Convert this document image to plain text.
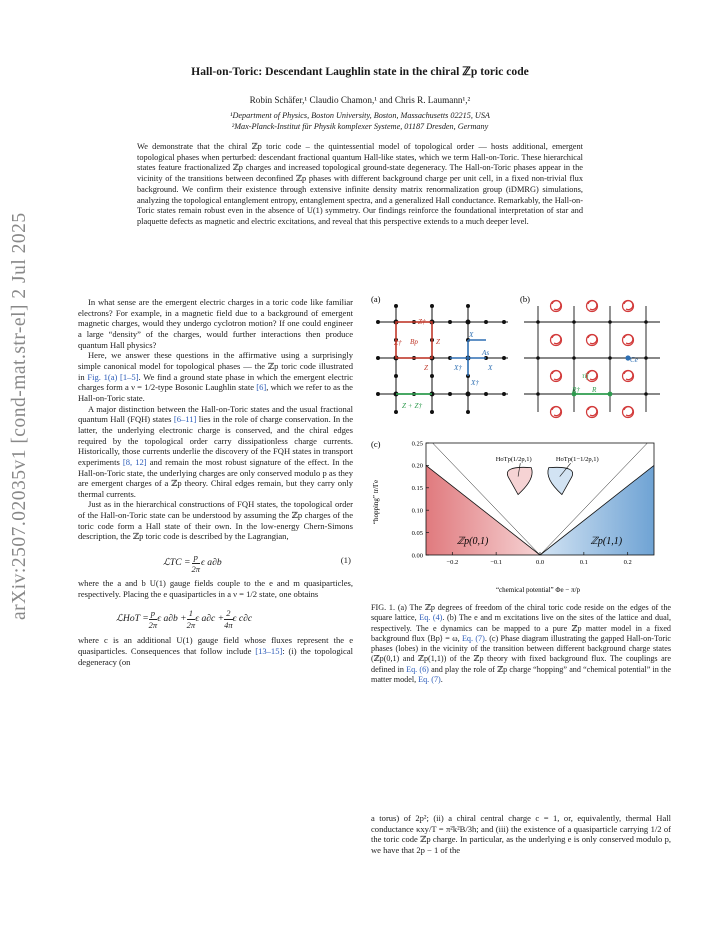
arXiv:2507.02035v1 [cond-mat.str-el] 2 Jul 2025
Hall-on-Toric: Descendant Laughlin state in the chiral ℤp toric code
Robin Schäfer,¹ Claudio Chamon,¹ and Chris R. Laumann¹,²
¹Department of Physics, Boston University, Boston, Massachusetts 02215, USA
²Max-Planck-Institut für Physik komplexer Systeme, 01187 Dresden, Germany
We demonstrate that the chiral ℤp toric code – the quintessential model of topological order — hosts additional, emergent topological phases when perturbed: descendant fractional quantum Hall-like states, which we term Hall-on-Toric. These hierarchical states feature fractionalized ℤp charges and increased topological ground-state degeneracy. The Hall-on-Toric phases appear in the vicinity of the transitions between deconfined ℤp phases with different background charge per unit cell, in a fixed non-trivial flux background. We confirm their existence through extensive infinite density matrix renormalization group (iDMRG) simulations, analyzing the topological entanglement entropy, entanglement spectra, and a generalized Hall conductance. Remarkably, the Hall-on-Toric states remain robust even in the absence of U(1) symmetry. Our findings reinforce the foundational interpretation of star and plaquette defects as magnetic and electric excitations, and reveal that this perspective extends to a much deeper level.

In what sense are the emergent electric charges in a toric code like familiar electrons? For example, in a magnetic field due to a background of emergent magnetic charges, would they undergo cyclotron motion? If one could engineer a large “density” of the charges, would further interactions then produce quantum Hall physics?

Here, we answer these questions in the affirmative using a surprisingly simple canonical model for topological phases — the ℤp toric code illustrated in Fig. 1(a) [1–5]. We find a ground state phase in which the emergent electric charges form a ν = 1/2-type Bosonic Laughlin state [6], which we refer to as the Hall-on-Toric state.

A major distinction between the Hall-on-Toric states and the usual fractional quantum Hall (FQH) states [6–11] lies in the role of charge conservation. In the latter, the underlying electronic charge is conserved, and the chiral edges required by the topological order carry dissipationless charge currents. Historically, those currents underlie the discovery of the FQH states in transport experiments [8, 12] and remain the most robust signature of the effect. In the Hall-on-Toric state, the underlying charges are only conserved modulo p as they are emergent charges of a ℤp theory. Chiral edges remain, but they carry only thermal currents.

Just as in the hierarchical constructions of FQH states, the topological order of the Hall-on-Toric state can be understood by assuming the ℤp charges of the toric code form a Hall state of their own. In the low-energy Chern-Simons description, the ℤp toric code is described by the Lagrangian,

ℒTC = $\frac{p}{2\pi}$ ϵ a∂b	(1)

where the a and b U(1) gauge fields couple to the e and m quasiparticles, respectively. Placing the e quasiparticles in a ν = 1/2 state, one obtains

ℒHoT = $\frac{p}{2\pi}$ ϵ $a\partial b + \frac{1}{2\pi}$ ϵ $a\partial c + \frac{2}{4\pi}$ ϵ c∂c

where c is an additional U(1) gauge field whose fluxes represent the e quasiparticles. Consequences that follow include [13–15]: (i) the topological degeneracy (on

(a)	(b)
Z†
Z† Bp	Z
Z
X
As
X
X†
X†
Z + Z†
Ce
τij
R† R
(c)
−0.2	−0.1	0.0	0.1	0.2
0.00
0.05
0.10
0.15
0.20
0.25
ℤp(0,1)	ℤp(1,1)
HoTp(1/2p,1)	HoTp(1−1/2p,1)
“chemical potential” Φe − π/p
“hopping” tr/Γe
FIG. 1. (a) The ℤp degrees of freedom of the chiral toric code reside on the edges of the square lattice, Eq. (4). (b) The e and m excitations live on the sites of the lattice and dual, respectively. The e dynamics can be mapped to a pure ℤp matter model in a fixed background flux ⟨Bp⟩ = ω, Eq. (7). (c) Phase diagram illustrating the gapped Hall-on-Toric phases (lobes) in the vicinity of the transition between different background charge states (ℤp(0,1) and ℤp(1,1)) of the ℤp theory with fixed background flux. The couplings are defined in Eq. (6) and play the role of ℤp charge “hopping” and “chemical potential” in the matter model, Eq. (7).

a torus) of 2p²; (ii) a chiral central charge c = 1, or, equivalently, thermal Hall conductance κxy/T = π²k²B/3h; and (iii) the existence of a quasiparticle carrying 1/2 of the toric code ℤp charge. In particular, as the underlying e is only conserved modulo p, we have that 2p − 1 of the
